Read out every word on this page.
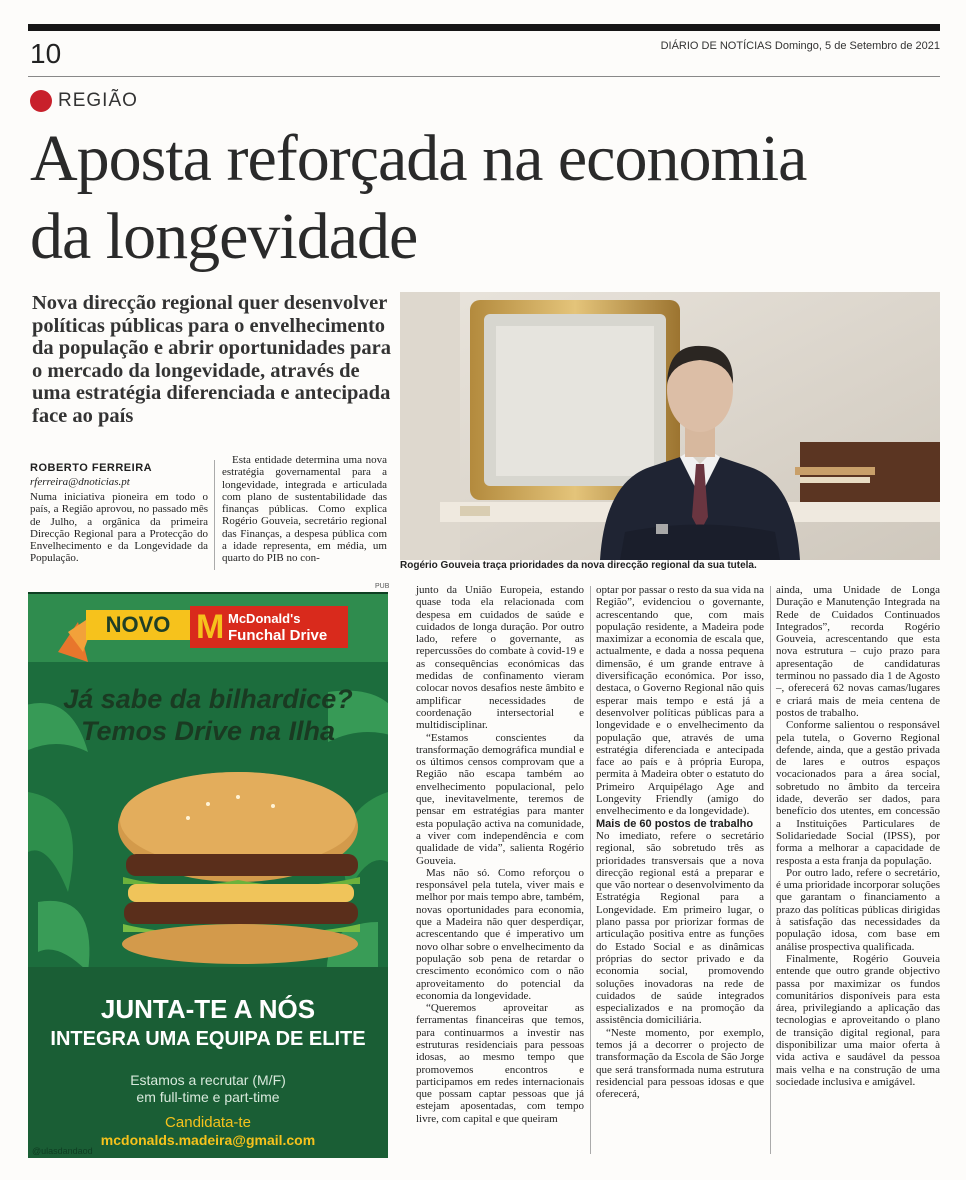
10	DIÁRIO DE NOTÍCIAS Domingo, 5 de Setembro de 2021
REGIÃO
Aposta reforçada na economia
da longevidade

Nova direcção regional quer desenvolver políticas públicas para o envelhecimento da população e abrir oportunidades para o mercado da longevidade, através de uma estratégia diferenciada e antecipada face ao país

Rogério Gouveia traça prioridades da nova direcção regional da sua tutela.
ROBERTO FERREIRA
rferreira@dnoticias.pt

Numa iniciativa pioneira em todo o país, a Região aprovou, no passado mês de Julho, a orgânica da primeira Direcção Regional para a Protecção do Envelhecimento e da Longevidade da População.

Esta entidade determina uma nova estratégia governamental para a longevidade, integrada e articulada com plano de sustentabilidade das finanças públicas. Como explica Rogério Gouveia, secretário regional das Finanças, a despesa pública com a idade representa, em média, um quarto do PIB no con-

junto da União Europeia, estando quase toda ela relacionada com despesa em cuidados de saúde e cuidados de longa duração. Por outro lado, refere o governante, as repercussões do combate à covid-19 e as consequências económicas das medidas de confinamento vieram colocar novos desafios neste âmbito e amplificar necessidades de coordenação intersectorial e multidisciplinar.

“Estamos conscientes da transformação demográfica mundial e os últimos censos comprovam que a Região não escapa também ao envelhecimento populacional, pelo que, inevitavelmente, teremos de pensar em estratégias para manter esta população activa na comunidade, a viver com independência e com qualidade de vida”, salienta Rogério Gouveia.

Mas não só. Como reforçou o responsável pela tutela, viver mais e melhor por mais tempo abre, também, novas oportunidades para economia, que a Madeira não quer desperdiçar, acrescentando que é imperativo um novo olhar sobre o envelhecimento da população sob pena de retardar o crescimento económico com o não aproveitamento do potencial da economia da longevidade.

“Queremos aproveitar as ferramentas financeiras que temos, para continuarmos a investir nas estruturas residenciais para pessoas idosas, ao mesmo tempo que promovemos encontros e participamos em redes internacionais que possam captar pessoas que já estejam aposentadas, com tempo livre, com capital e que queiram

optar por passar o resto da sua vida na Região”, evidenciou o governante, acrescentando que, com mais população residente, a Madeira pode maximizar a economia de escala que, actualmente, e dada a nossa pequena dimensão, é um grande entrave à diversificação económica. Por isso, destaca, o Governo Regional não quis esperar mais tempo e está já a desenvolver políticas públicas para a longevidade e o envelhecimento da população que, através de uma estratégia diferenciada e antecipada face ao país e à própria Europa, permita à Madeira obter o estatuto do Primeiro Arquipélago Age and Longevity Friendly (amigo do envelhecimento e da longevidade).

Mais de 60 postos de trabalho

No imediato, refere o secretário regional, são sobretudo três as prioridades transversais que a nova direcção regional está a preparar e que vão nortear o desenvolvimento da Estratégia Regional para a Longevidade. Em primeiro lugar, o plano passa por priorizar formas de articulação positiva entre as funções do Estado Social e as dinâmicas próprias do sector privado e da economia social, promovendo soluções inovadoras na rede de cuidados de saúde integrados especializados e na promoção da assistência domiciliária.

“Neste momento, por exemplo, temos já a decorrer o projecto de transformação da Escola de São Jorge que será transformada numa estrutura residencial para pessoas idosas e que oferecerá,

ainda, uma Unidade de Longa Duração e Manutenção Integrada na Rede de Cuidados Continuados Integrados”, recorda Rogério Gouveia, acrescentando que esta nova estrutura – cujo prazo para apresentação de candidaturas terminou no passado dia 1 de Agosto –, oferecerá 62 novas camas/lugares e criará mais de meia centena de postos de trabalho.

Conforme salientou o responsável pela tutela, o Governo Regional defende, ainda, que a gestão privada de lares e outros espaços vocacionados para a área social, sobretudo no âmbito da terceira idade, deverão ser dados, para benefício dos utentes, em concessão a Instituições Particulares de Solidariedade Social (IPSS), por forma a melhorar a capacidade de resposta a esta franja da população.

Por outro lado, refere o secretário, é uma prioridade incorporar soluções que garantam o financiamento a prazo das políticas públicas dirigidas à satisfação das necessidades da população idosa, com base em análise prospectiva qualificada.

Finalmente, Rogério Gouveia entende que outro grande objectivo passa por maximizar os fundos comunitários disponíveis para esta área, privilegiando a aplicação das tecnologias e aproveitando o plano de transição digital regional, para disponibilizar uma maior oferta à vida activa e saudável da pessoa mais velha e na construção de uma sociedade inclusiva e amigável.

PUB
NOVO M McDonald's
Funchal Drive
Já sabe da bilhardice?
Temos Drive na Ilha
JUNTA-TE A NÓS
INTEGRA UMA EQUIPA DE ELITE
Estamos a recrutar (M/F)
em full-time e part-time
Candidata-te
mcdonalds.madeira@gmail.com
@ulasdandaod
